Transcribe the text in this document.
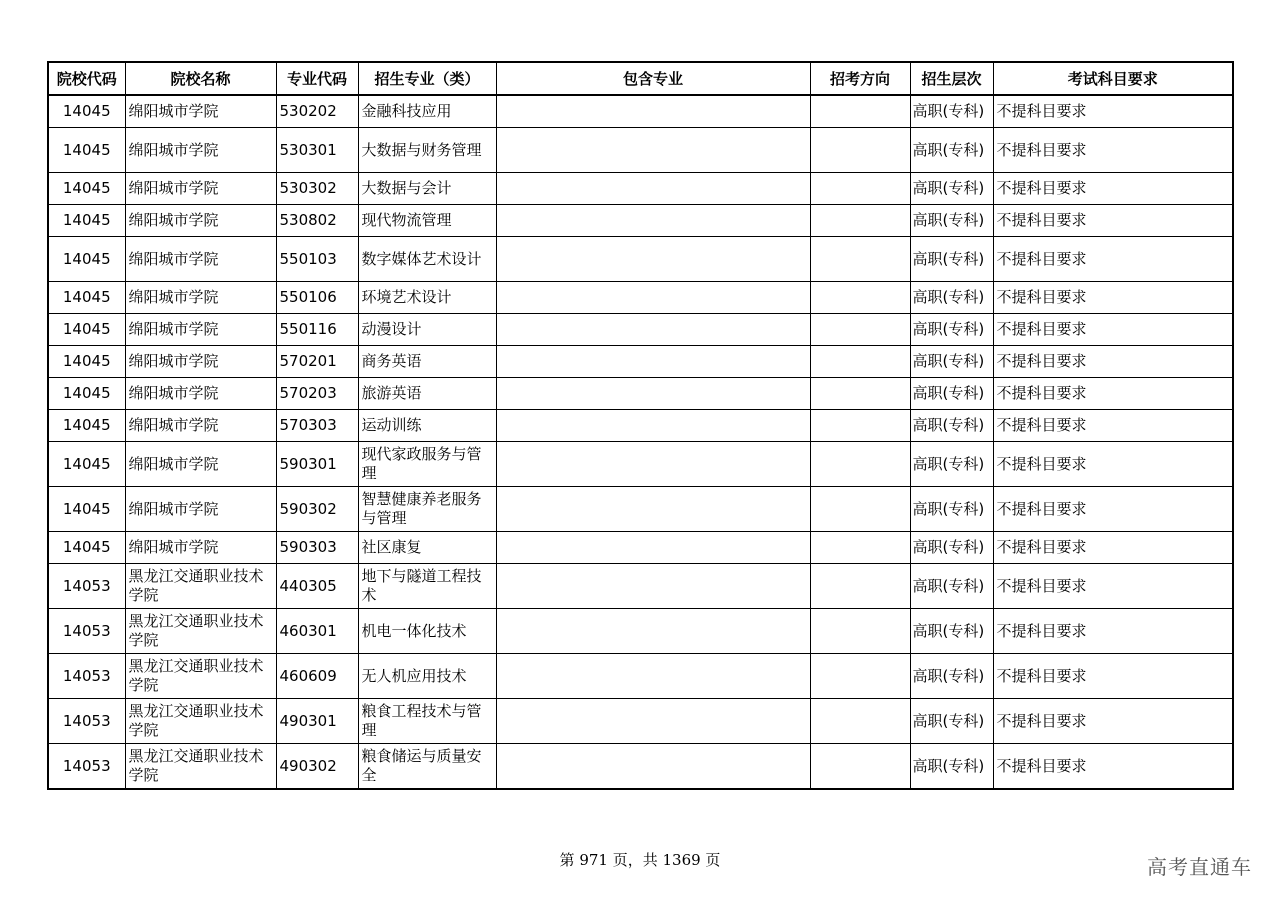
院校代码	院校名称	专业代码	招生专业（类）	包含专业	招考方向	招生层次	考试科目要求
14045	绵阳城市学院	530202	金融科技应用			高职(专科)	不提科目要求
14045	绵阳城市学院	530301	大数据与财务管理			高职(专科)	不提科目要求
14045	绵阳城市学院	530302	大数据与会计			高职(专科)	不提科目要求
14045	绵阳城市学院	530802	现代物流管理			高职(专科)	不提科目要求
14045	绵阳城市学院	550103	数字媒体艺术设计			高职(专科)	不提科目要求
14045	绵阳城市学院	550106	环境艺术设计			高职(专科)	不提科目要求
14045	绵阳城市学院	550116	动漫设计			高职(专科)	不提科目要求
14045	绵阳城市学院	570201	商务英语			高职(专科)	不提科目要求
14045	绵阳城市学院	570203	旅游英语			高职(专科)	不提科目要求
14045	绵阳城市学院	570303	运动训练			高职(专科)	不提科目要求
14045	绵阳城市学院	590301	现代家政服务与管理			高职(专科)	不提科目要求
14045	绵阳城市学院	590302	智慧健康养老服务与管理			高职(专科)	不提科目要求
14045	绵阳城市学院	590303	社区康复			高职(专科)	不提科目要求
14053	黑龙江交通职业技术学院	440305	地下与隧道工程技术			高职(专科)	不提科目要求
14053	黑龙江交通职业技术学院	460301	机电一体化技术			高职(专科)	不提科目要求
14053	黑龙江交通职业技术学院	460609	无人机应用技术			高职(专科)	不提科目要求
14053	黑龙江交通职业技术学院	490301	粮食工程技术与管理			高职(专科)	不提科目要求
14053	黑龙江交通职业技术学院	490302	粮食储运与质量安全			高职(专科)	不提科目要求
第 971 页，共 1369 页	高考直通车
